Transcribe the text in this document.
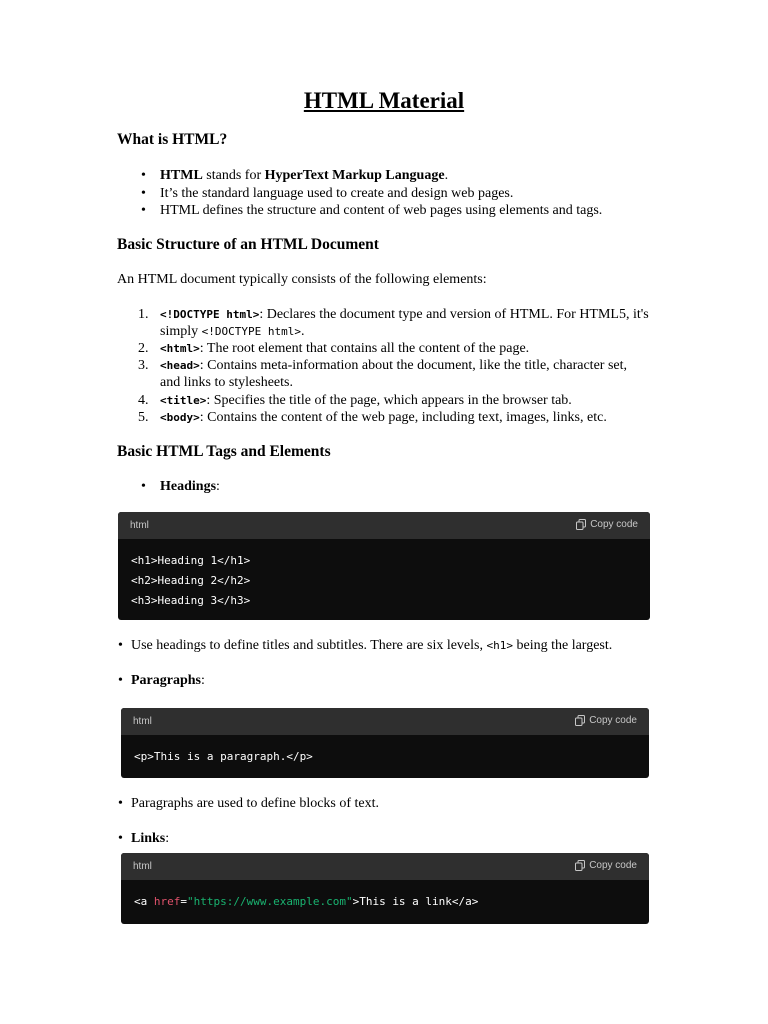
HTML Material
What is HTML?

• HTML stands for HyperText Markup Language.

• It’s the standard language used to create and design web pages.

• HTML defines the structure and content of web pages using elements and tags.

Basic Structure of an HTML Document

An HTML document typically consists of the following elements:

1. <!DOCTYPE html>: Declares the document type and version of HTML. For HTML5, it's simply <!DOCTYPE html>.
2. <html>: The root element that contains all the content of the page.
3. <head>: Contains meta-information about the document, like the title, character set, and links to stylesheets.
4. <title>: Specifies the title of the page, which appears in the browser tab.
5. <body>: Contains the content of the web page, including text, images, links, etc.
Basic HTML Tags and Elements

• Headings:

html	Copy code
<h1>Heading 1</h1>
<h2>Heading 2</h2>
<h3>Heading 3</h3>

• Use headings to define titles and subtitles. There are six levels, <h1> being the largest.

• Paragraphs:

html	Copy code
<p>This is a paragraph.</p>

• Paragraphs are used to define blocks of text.

• Links:

html	Copy code
<a href="https://www.example.com">This is a link</a>
